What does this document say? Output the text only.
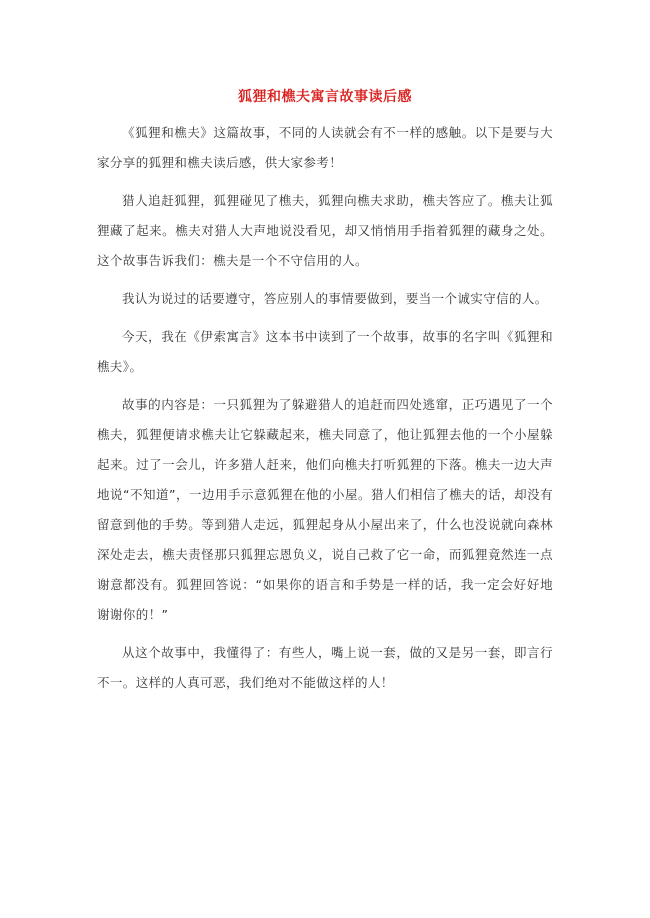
狐狸和樵夫寓言故事读后感

《狐狸和樵夫》这篇故事，不同的人读就会有不一样的感触。以下是要与大家分享的狐狸和樵夫读后感，供大家参考！

猎人追赶狐狸，狐狸碰见了樵夫，狐狸向樵夫求助，樵夫答应了。樵夫让狐狸藏了起来。樵夫对猎人大声地说没看见，却又悄悄用手指着狐狸的藏身之处。这个故事告诉我们：樵夫是一个不守信用的人。

我认为说过的话要遵守，答应别人的事情要做到，要当一个诚实守信的人。

今天，我在《伊索寓言》这本书中读到了一个故事，故事的名字叫《狐狸和樵夫》。

故事的内容是：一只狐狸为了躲避猎人的追赶而四处逃窜，正巧遇见了一个樵夫，狐狸便请求樵夫让它躲藏起来，樵夫同意了，他让狐狸去他的一个小屋躲起来。过了一会儿，许多猎人赶来，他们向樵夫打听狐狸的下落。樵夫一边大声地说“不知道”，一边用手示意狐狸在他的小屋。猎人们相信了樵夫的话，却没有留意到他的手势。等到猎人走远，狐狸起身从小屋出来了，什么也没说就向森林深处走去，樵夫责怪那只狐狸忘恩负义，说自己救了它一命，而狐狸竟然连一点谢意都没有。狐狸回答说：“如果你的语言和手势是一样的话，我一定会好好地谢谢你的！”

从这个故事中，我懂得了：有些人，嘴上说一套，做的又是另一套，即言行不一。这样的人真可恶，我们绝对不能做这样的人！
